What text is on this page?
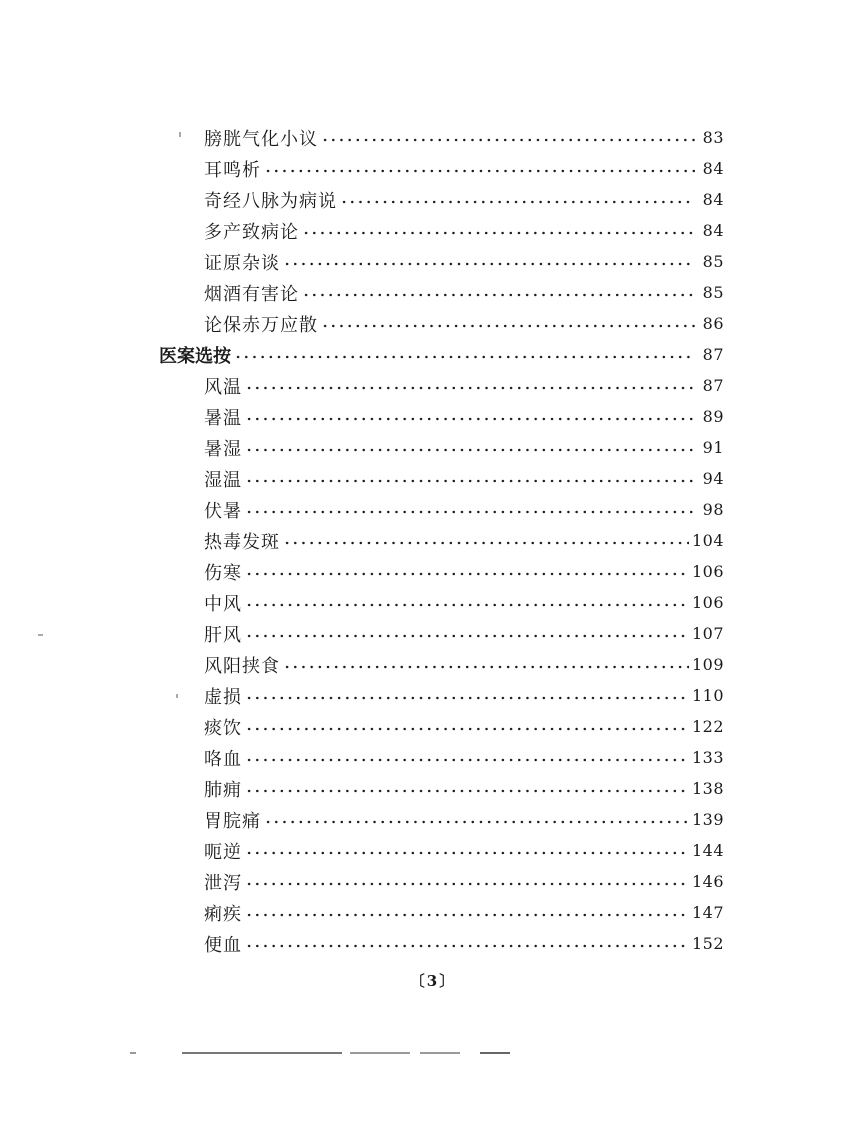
膀胱气化小议	83
耳鸣析	84
奇经八脉为病说	84
多产致病论	84
证原杂谈	85
烟酒有害论	85
论保赤万应散	86
医案选按	87
风温	87
暑温	89
暑湿	91
湿温	94
伏暑	98
热毒发斑	104
伤寒	106
中风	106
肝风	107
风阳挟食	109
虚损	110
痰饮	122
咯血	133
肺痈	138
胃脘痛	139
呃逆	144
泄泻	146
痢疾	147
便血	152
〔3〕
